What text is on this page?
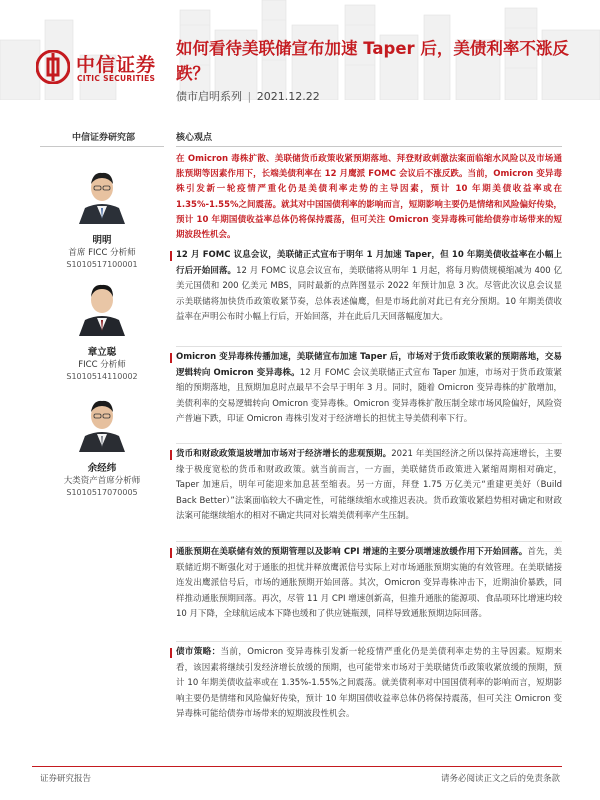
中信证券
CITIC SECURITIES
如何看待美联储宣布加速 Taper 后，美债利率不涨反跌？
债市启明系列 | 2021.12.22
中信证券研究部
明明
首席 FICC 分析师
S1010517100001
章立聪
FICC 分析师
S1010514110002
余经纬
大类资产首席分析师
S1010517070005
核心观点
在 Omicron 毒株扩散、美联储货币政策收紧预期落地、拜登财政刺激法案面临缩水风险以及市场通胀预期等因素作用下，长端美债利率在 12 月鹰派 FOMC 会议后不涨反跌。当前，Omicron 变异毒株引发新一轮疫情严重化仍是美债利率走势的主导因素，预计 10 年期美债收益率或在 1.35%-1.55%之间震荡。就其对中国国债利率的影响而言，短期影响主要仍是情绪和风险偏好传染，预计 10 年期国债收益率总体仍将保持震荡，但可关注 Omicron 变异毒株可能给债券市场带来的短期波段性机会。
12 月 FOMC 议息会议，美联储正式宣布于明年 1 月加速 Taper，但 10 年期美债收益率在小幅上行后开始回落。12 月 FOMC 议息会议宣布，美联储将从明年 1 月起，将每月购债规模缩减为 400 亿美元国债和 200 亿美元 MBS，同时最新的点阵图显示 2022 年预计加息 3 次。尽管此次议息会议显示美联储将加快货币政策收紧节奏，总体表述偏鹰，但是市场此前对此已有充分预期。10 年期美债收益率在声明公布时小幅上行后，开始回落，并在此后几天回落幅度加大。
Omicron 变异毒株传播加速，美联储宣布加速 Taper 后，市场对于货币政策收紧的预期落地，交易逻辑转向 Omicron 变异毒株。12 月 FOMC 会议美联储正式宣布 Taper 加速，市场对于货币政策紧缩的预期落地，且预期加息时点最早不会早于明年 3 月。同时，随着 Omicron 变异毒株的扩散增加，美债利率的交易逻辑转向 Omicron 变异毒株。Omicron 变异毒株扩散压制全球市场风险偏好，风险资产普遍下跌，印证 Omicron 毒株引发对于经济增长的担忧主导美债利率下行。
货币和财政政策退坡增加市场对于经济增长的悲观预期。2021 年美国经济之所以保持高速增长，主要缘于极度宽松的货币和财政政策。就当前而言，一方面，美联储货币政策进入紧缩周期相对确定，Taper 加速后，明年可能迎来加息甚至缩表。另一方面，拜登 1.75 万亿美元“重建更美好（Build Back Better）”法案面临较大不确定性，可能继续缩水或推迟表决。货币政策收紧趋势相对确定和财政法案可能继续缩水的相对不确定共同对长端美债利率产生压制。
通胀预期在美联储有效的预期管理以及影响 CPI 增速的主要分项增速放缓作用下开始回落。首先，美联储近期不断强化对于通胀的担忧并释放鹰派信号实际上对市场通胀预期实施的有效管理。在美联储接连发出鹰派信号后，市场的通胀预期开始回落。其次，Omicron 变异毒株冲击下，近期油价暴跌，同样推动通胀预期回落。再次，尽管 11 月 CPI 增速创新高，但推升通胀的能源项、食品项环比增速均较 10 月下降，全球航运成本下降也缓和了供应链瓶颈，同样导致通胀预期边际回落。
债市策略：当前，Omicron 变异毒株引发新一轮疫情严重化仍是美债利率走势的主导因素。短期来看，该因素将继续引发经济增长放缓的预期，也可能带来市场对于美联储货币政策收紧放缓的预期，预计 10 年期美债收益率或在 1.35%-1.55%之间震荡。就美债利率对中国国债利率的影响而言，短期影响主要仍是情绪和风险偏好传染，预计 10 年期国债收益率总体仍将保持震荡，但可关注 Omicron 变异毒株可能给债券市场带来的短期波段性机会。
证券研究报告	请务必阅读正文之后的免责条款
